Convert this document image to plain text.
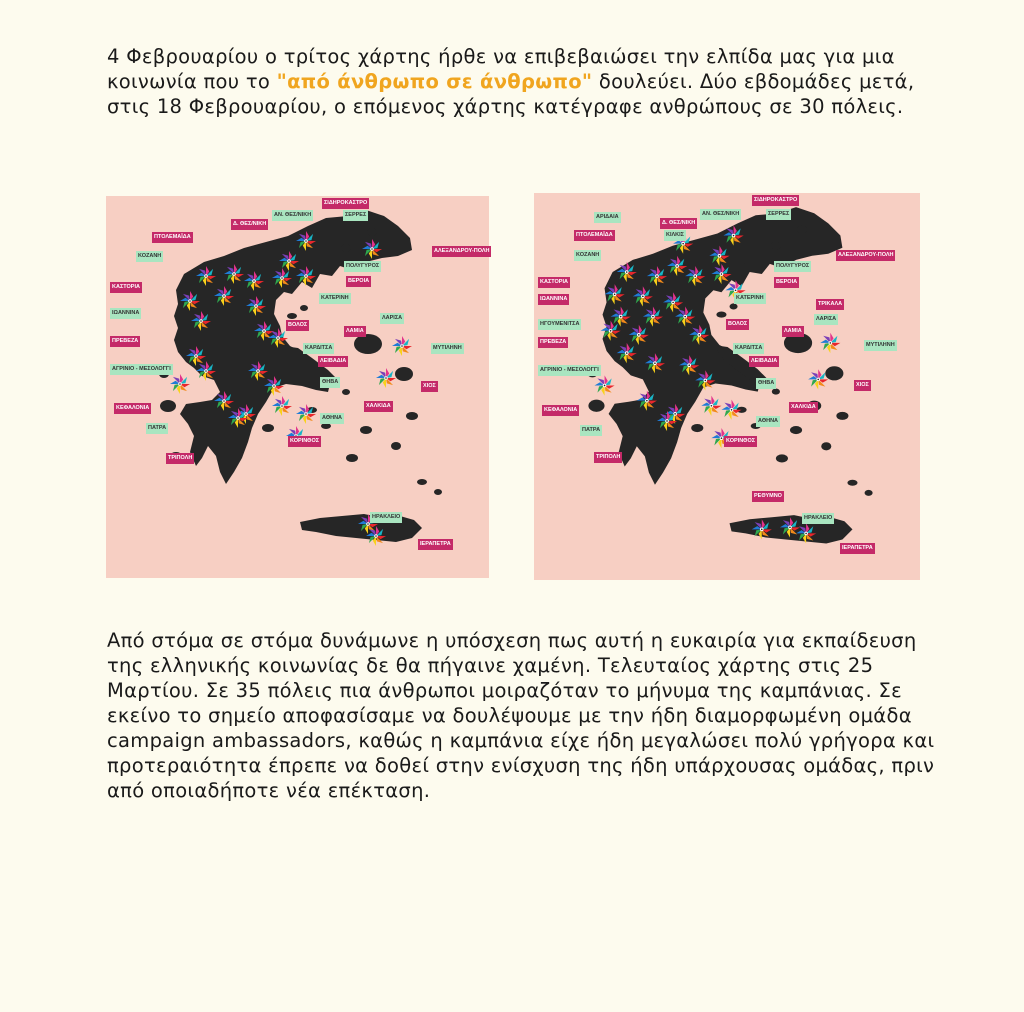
4 Φεβρουαρίου ο τρίτος χάρτης ήρθε να επιβεβαιώσει την ελπίδα μας για μια κοινωνία που το "από άνθρωπο σε άνθρωπο" δουλεύει. Δύο εβδομάδες μετά, στις 18 Φεβρουαρίου, ο επόμενος χάρτης κατέγραφε ανθρώπους σε 30 πόλεις.

ΣΙΔΗΡΟΚΑΣΤΡΟ
ΑΝ. ΘΕΣ/ΝΙΚΗ	ΣΕΡΡΕΣ
Δ. ΘΕΣ/ΝΙΚΗ
ΠΤΟΛΕΜΑΪΔΑ
ΑΛΕΞΑΝΔΡΟΥ-ΠΟΛΗ
ΚΟΖΑΝΗ
ΠΟΛΥΓΥΡΟΣ
ΒΕΡΟΙΑ
ΚΑΣΤΟΡΙΑ
ΚΑΤΕΡΙΝΗ
ΙΩΑΝΝΙΝΑ
ΛΑΡΙΣΑ
ΒΟΛΟΣ
ΛΑΜΙΑ
ΠΡΕΒΕΖΑ
ΚΑΡΔΙΤΣΑ	ΜΥΤΙΛΗΝΗ
ΛΕΙΒΑΔΙΑ
ΑΓΡΙΝΙΟ - ΜΕΣΟΛΟΓΓΙ
ΘΗΒΑ
ΧΙΟΣ
ΚΕΦΑΛΟΝΙΑ	ΧΑΛΚΙΔΑ
ΑΘΗΝΑ
ΠΑΤΡΑ
ΚΟΡΙΝΘΟΣ
ΤΡΙΠΟΛΗ
ΗΡΑΚΛΕΙΟ
ΙΕΡΑΠΕΤΡΑ
ΣΙΔΗΡΟΚΑΣΤΡΟ
ΑΡΙΔΑΙΑ	ΑΝ. ΘΕΣ/ΝΙΚΗ	ΣΕΡΡΕΣ
Δ. ΘΕΣ/ΝΙΚΗ
ΠΤΟΛΕΜΑΪΔΑ	ΚΙΛΚΙΣ
ΑΛΕΞΑΝΔΡΟΥ-ΠΟΛΗ
ΚΟΖΑΝΗ
ΠΟΛΥΓΥΡΟΣ
ΚΑΣΤΟΡΙΑ	ΒΕΡΟΙΑ
ΙΩΑΝΝΙΝΑ	ΚΑΤΕΡΙΝΗ
ΤΡΙΚΑΛΑ
ΗΓΟΥΜΕΝΙΤΣΑ	ΒΟΛΟΣ
ΛΑΡΙΣΑ
ΛΑΜΙΑ
ΠΡΕΒΕΖΑ
ΚΑΡΔΙΤΣΑ	ΜΥΤΙΛΗΝΗ
ΛΕΙΒΑΔΙΑ
ΑΓΡΙΝΙΟ - ΜΕΣΟΛΟΓΓΙ
ΘΗΒΑ	ΧΙΟΣ
ΚΕΦΑΛΟΝΙΑ	ΧΑΛΚΙΔΑ
ΑΘΗΝΑ
ΠΑΤΡΑ
ΚΟΡΙΝΘΟΣ
ΤΡΙΠΟΛΗ
ΡΕΘΥΜΝΟ
ΗΡΑΚΛΕΙΟ
ΙΕΡΑΠΕΤΡΑ

Από στόμα σε στόμα δυνάμωνε η υπόσχεση πως αυτή η ευκαιρία για εκπαίδευση της ελληνικής κοινωνίας δε θα πήγαινε χαμένη. Τελευταίος χάρτης στις 25 Μαρτίου. Σε 35 πόλεις πια άνθρωποι μοιραζόταν το μήνυμα της καμπάνιας. Σε εκείνο το σημείο αποφασίσαμε να δουλέψουμε με την ήδη διαμορφωμένη ομάδα campaign ambassadors, καθώς η καμπάνια είχε ήδη μεγαλώσει πολύ γρήγορα και προτεραιότητα έπρεπε να δοθεί στην ενίσχυση της ήδη υπάρχουσας ομάδας, πριν από οποιαδήποτε νέα επέκταση.
